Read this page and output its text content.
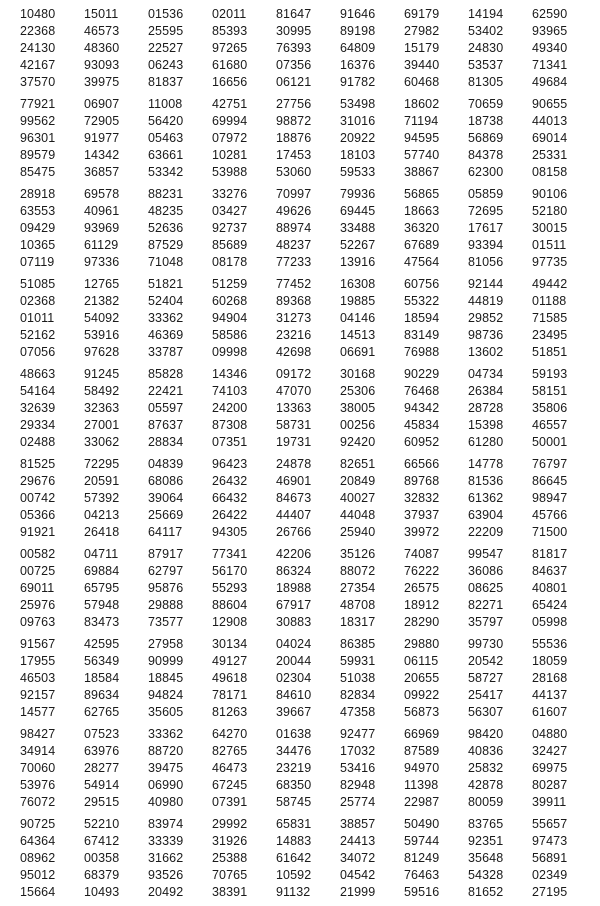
10480	15011	01536	02011	81647	91646	69179	14194	62590
22368	46573	25595	85393	30995	89198	27982	53402	93965
24130	48360	22527	97265	76393	64809	15179	24830	49340
42167	93093	06243	61680	07356	16376	39440	53537	71341
37570	39975	81837	16656	06121	91782	60468	81305	49684
77921	06907	11008	42751	27756	53498	18602	70659	90655
99562	72905	56420	69994	98872	31016	71194	18738	44013
96301	91977	05463	07972	18876	20922	94595	56869	69014
89579	14342	63661	10281	17453	18103	57740	84378	25331
85475	36857	53342	53988	53060	59533	38867	62300	08158
28918	69578	88231	33276	70997	79936	56865	05859	90106
63553	40961	48235	03427	49626	69445	18663	72695	52180
09429	93969	52636	92737	88974	33488	36320	17617	30015
10365	61129	87529	85689	48237	52267	67689	93394	01511
07119	97336	71048	08178	77233	13916	47564	81056	97735
51085	12765	51821	51259	77452	16308	60756	92144	49442
02368	21382	52404	60268	89368	19885	55322	44819	01188
01011	54092	33362	94904	31273	04146	18594	29852	71585
52162	53916	46369	58586	23216	14513	83149	98736	23495
07056	97628	33787	09998	42698	06691	76988	13602	51851
48663	91245	85828	14346	09172	30168	90229	04734	59193
54164	58492	22421	74103	47070	25306	76468	26384	58151
32639	32363	05597	24200	13363	38005	94342	28728	35806
29334	27001	87637	87308	58731	00256	45834	15398	46557
02488	33062	28834	07351	19731	92420	60952	61280	50001
81525	72295	04839	96423	24878	82651	66566	14778	76797
29676	20591	68086	26432	46901	20849	89768	81536	86645
00742	57392	39064	66432	84673	40027	32832	61362	98947
05366	04213	25669	26422	44407	44048	37937	63904	45766
91921	26418	64117	94305	26766	25940	39972	22209	71500
00582	04711	87917	77341	42206	35126	74087	99547	81817
00725	69884	62797	56170	86324	88072	76222	36086	84637
69011	65795	95876	55293	18988	27354	26575	08625	40801
25976	57948	29888	88604	67917	48708	18912	82271	65424
09763	83473	73577	12908	30883	18317	28290	35797	05998
91567	42595	27958	30134	04024	86385	29880	99730	55536
17955	56349	90999	49127	20044	59931	06115	20542	18059
46503	18584	18845	49618	02304	51038	20655	58727	28168
92157	89634	94824	78171	84610	82834	09922	25417	44137
14577	62765	35605	81263	39667	47358	56873	56307	61607
98427	07523	33362	64270	01638	92477	66969	98420	04880
34914	63976	88720	82765	34476	17032	87589	40836	32427
70060	28277	39475	46473	23219	53416	94970	25832	69975
53976	54914	06990	67245	68350	82948	11398	42878	80287
76072	29515	40980	07391	58745	25774	22987	80059	39911
90725	52210	83974	29992	65831	38857	50490	83765	55657
64364	67412	33339	31926	14883	24413	59744	92351	97473
08962	00358	31662	25388	61642	34072	81249	35648	56891
95012	68379	93526	70765	10592	04542	76463	54328	02349
15664	10493	20492	38391	91132	21999	59516	81652	27195
